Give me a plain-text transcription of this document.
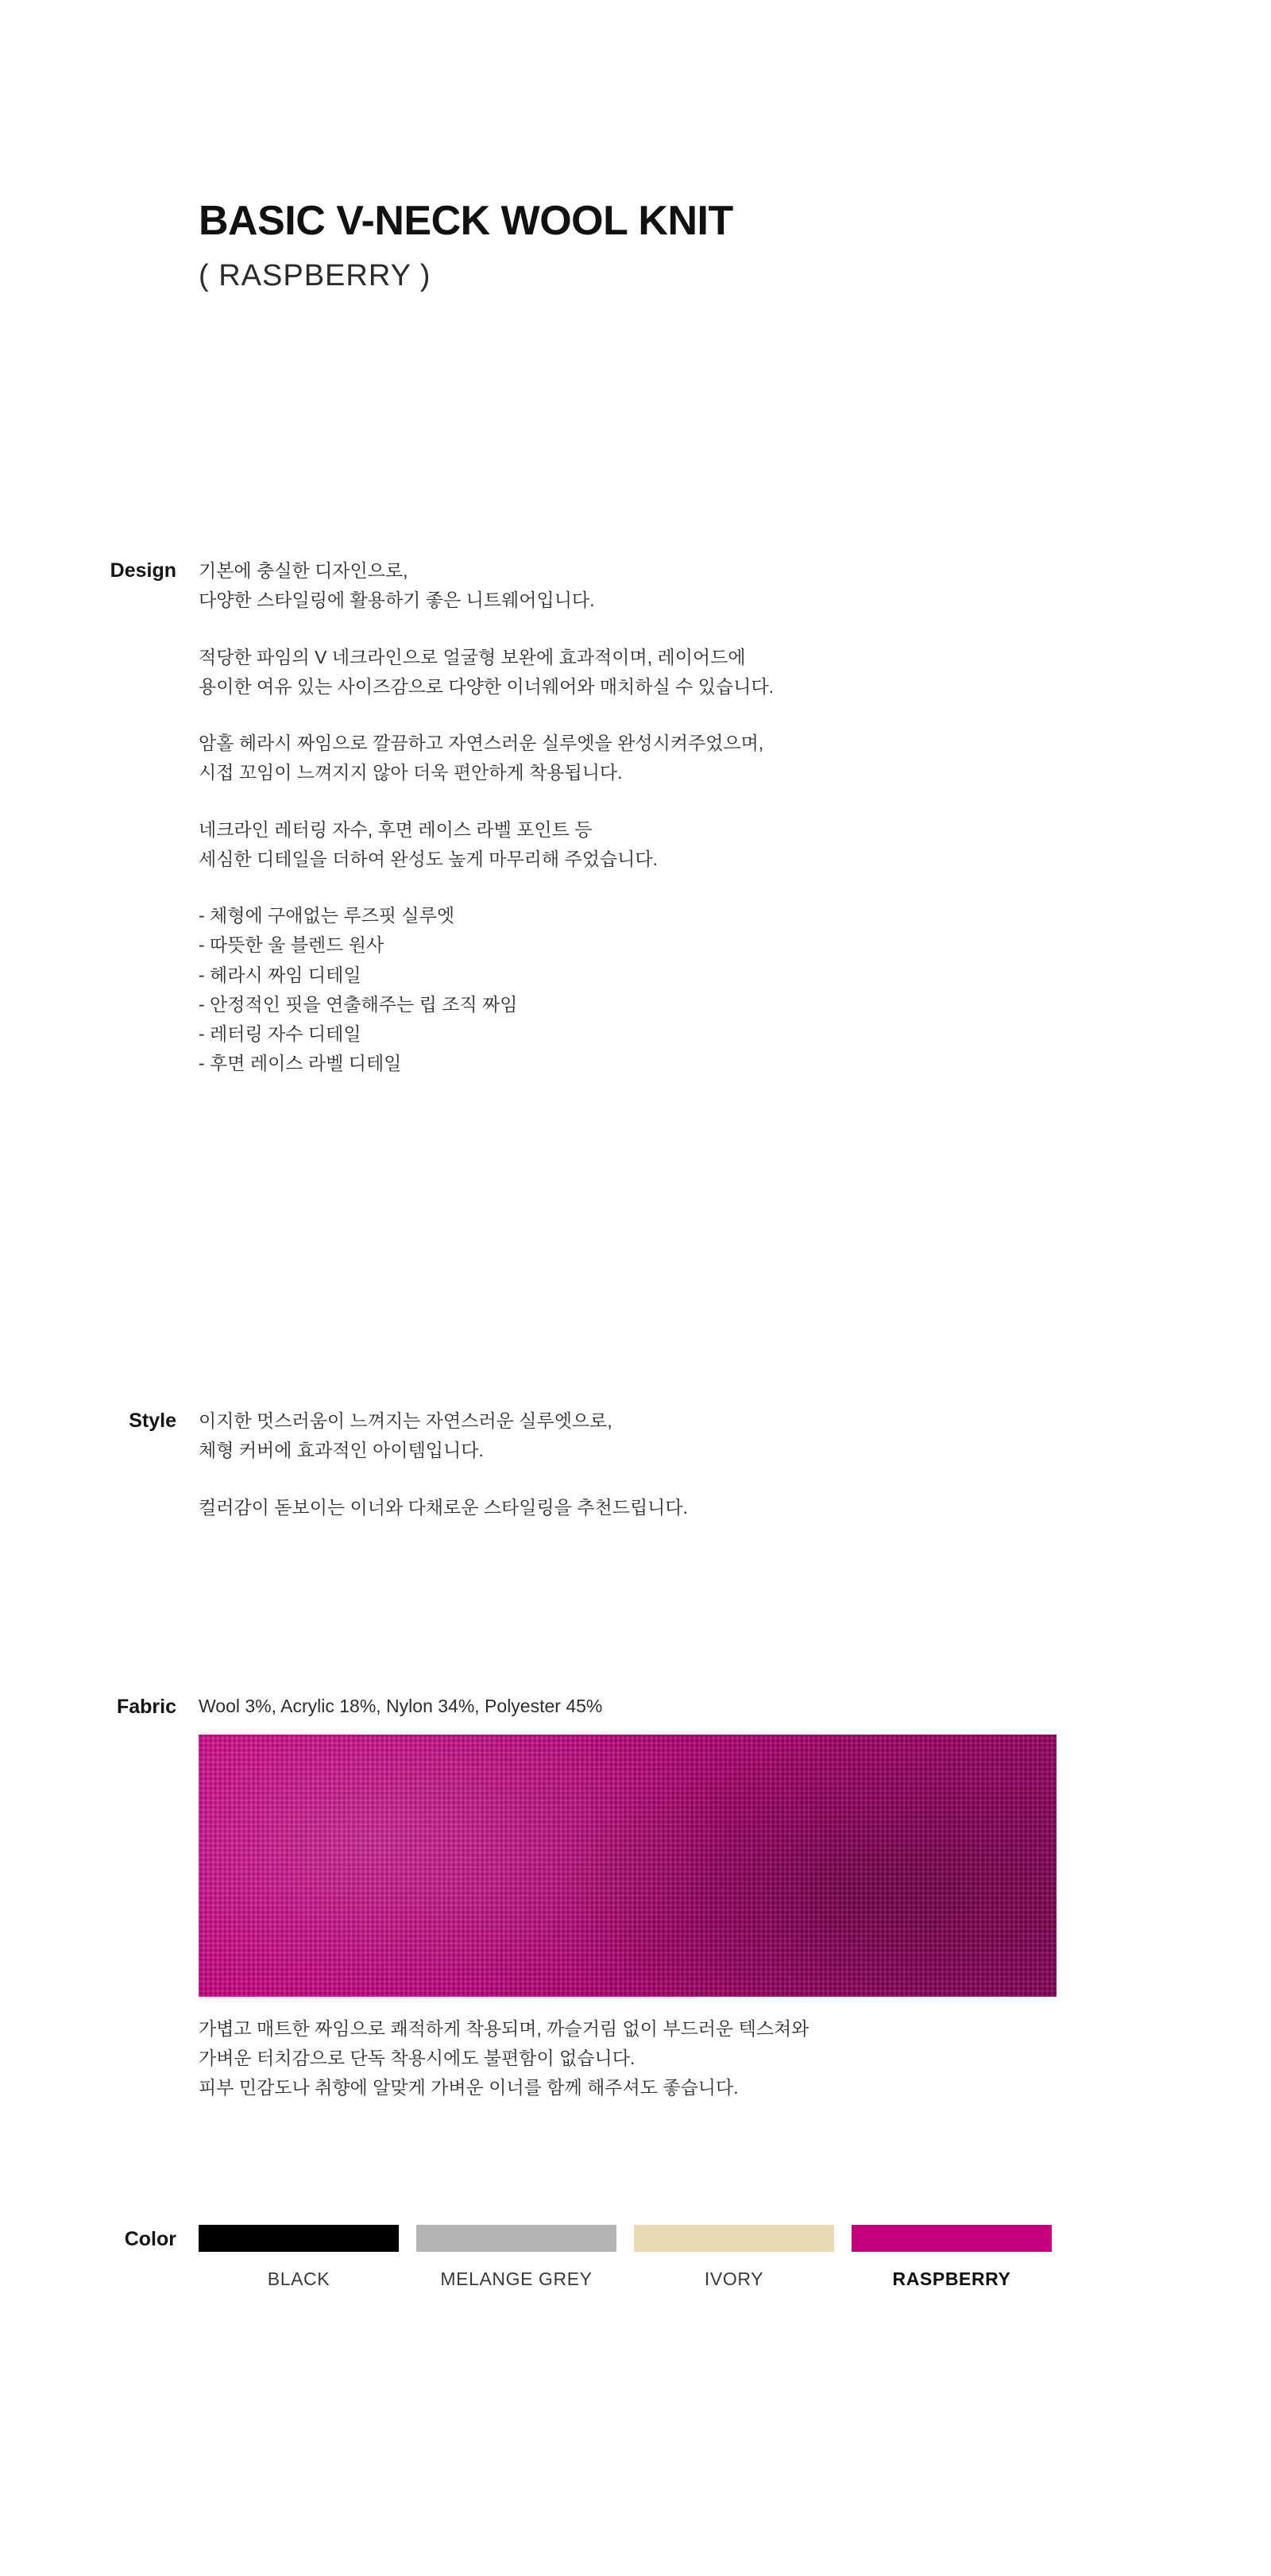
BASIC V-NECK WOOL KNIT
( RASPBERRY )
Design	기본에 충실한 디자인으로,
다양한 스타일링에 활용하기 좋은 니트웨어입니다.
적당한 파임의 V 네크라인으로 얼굴형 보완에 효과적이며, 레이어드에
용이한 여유 있는 사이즈감으로 다양한 이너웨어와 매치하실 수 있습니다.
암홀 헤라시 짜임으로 깔끔하고 자연스러운 실루엣을 완성시켜주었으며,
시접 꼬임이 느껴지지 않아 더욱 편안하게 착용됩니다.
네크라인 레터링 자수, 후면 레이스 라벨 포인트 등
세심한 디테일을 더하여 완성도 높게 마무리해 주었습니다.
- 체형에 구애없는 루즈핏 실루엣
- 따뜻한 울 블렌드 원사
- 헤라시 짜임 디테일
- 안정적인 핏을 연출해주는 립 조직 짜임
- 레터링 자수 디테일
- 후면 레이스 라벨 디테일
Style	이지한 멋스러움이 느껴지는 자연스러운 실루엣으로,
체형 커버에 효과적인 아이템입니다.
컬러감이 돋보이는 이너와 다채로운 스타일링을 추천드립니다.
Fabric	Wool 3%, Acrylic 18%, Nylon 34%, Polyester 45%
가볍고 매트한 짜임으로 쾌적하게 착용되며, 까슬거림 없이 부드러운 텍스쳐와
가벼운 터치감으로 단독 착용시에도 불편함이 없습니다.
피부 민감도나 취향에 알맞게 가벼운 이너를 함께 해주셔도 좋습니다.
Color
BLACK	MELANGE GREY	IVORY	RASPBERRY
